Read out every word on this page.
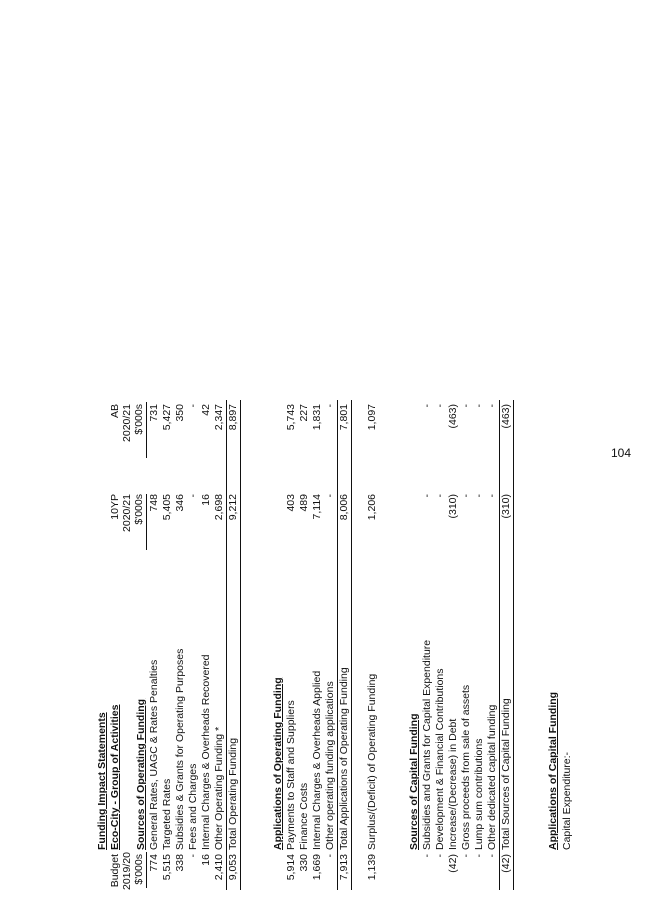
Funding Impact Statements Eco-City - Group of Activities
Budget 2019/20 $'000s
10YP 2020/21 $'000s
AB 2020/21 $'000s
Sources of Operating Funding
774
General Rates, UAGC & Rates Penalties
748
731
5,515
Targeted Rates
5,405
5,427
338
Subsidies & Grants for Operating Purposes
346
350
-
Fees and Charges
-
-
16
Internal Charges & Overheads Recovered
16
42
2,410
Other Operating Funding *
2,698
2,347
9,053
Total Operating Funding
9,212
8,897
Applications of Operating Funding
5,914
Payments to Staff and Suppliers
403
5,743
330
Finance Costs
489
227
1,669
Internal Charges & Overheads Applied
7,114
1,831
-
Other operating funding applications
-
-
7,913
Total Applications of Operating Funding
8,006
7,801
1,139
Surplus/(Deficit) of Operating Funding
1,206
1,097
Sources of Capital Funding
-
Subsidies and Grants for Capital Expenditure
-
-
-
Development & Financial Contributions
-
-
(42)
Increase/(Decrease) in Debt
(310)
(463)
-
Gross proceeds from sale of assets
-
-
-
Lump sum contributions
-
-
-
Other dedicated capital funding
-
-
(42)
Total Sources of Capital Funding
(310)
(463)
Applications of Capital Funding Capital Expenditure:-
104
